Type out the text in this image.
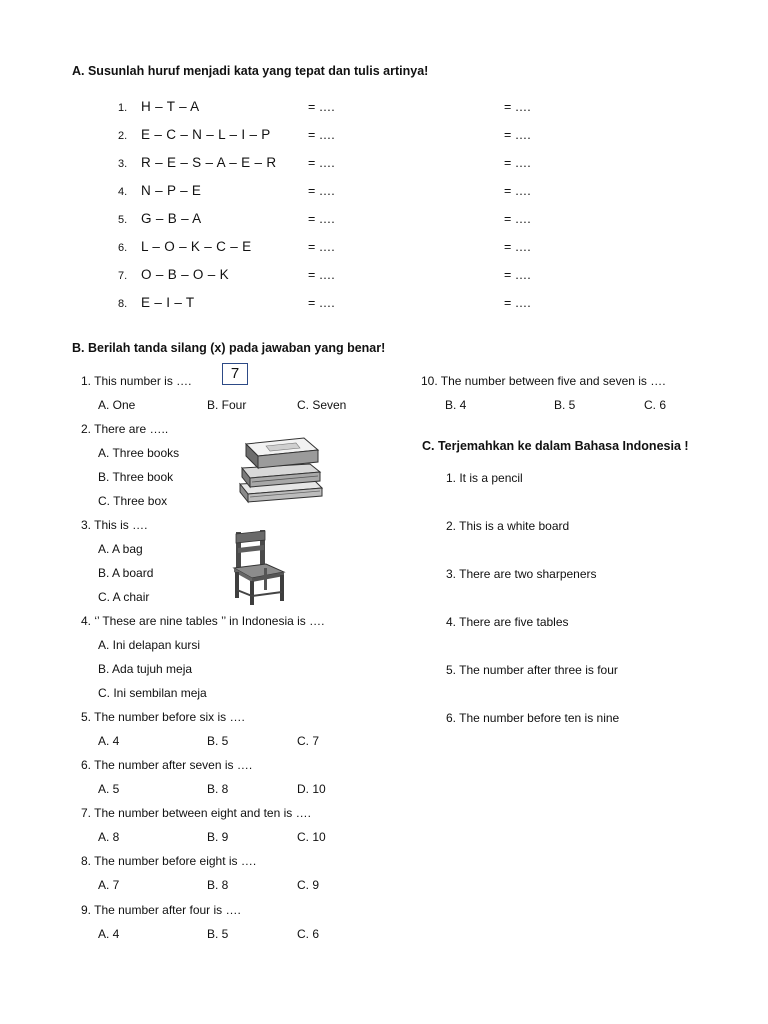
A. Susunlah huruf menjadi kata yang tepat dan tulis artinya!
1. H – T – A	= ….	= ….
2. E – C – N – L – I – P	= ….	= ….
3. R – E – S – A – E – R	= ….	= ….
4. N – P – E	= ….	= ….
5. G – B – A	= ….	= ….
6. L – O – K – C – E	= ….	= ….
7. O – B – O – K	= ….	= ….
8. E – I – T	= ….	= ….
B. Berilah tanda silang (x) pada jawaban yang benar!
7
1. This number is ….
A. One	B. Four	C. Seven
2. There are …..
A. Three books
B. Three book
C. Three box
3. This is ….
A. A bag
B. A board
C. A chair
4. ‘’ These are nine tables ’’ in Indonesia is ….
A. Ini delapan kursi
B. Ada tujuh meja
C. Ini sembilan meja
5. The number before six is ….
A. 4	B. 5	C. 7
6. The number after seven is ….
A. 5	B. 8	D. 10
7. The number between eight and ten is ….
A. 8	B. 9	C. 10
8. The number before eight is ….
A. 7	B. 8	C. 9
9. The number after four is ….
A. 4	B. 5	C. 6
10. The number between five and seven is ….
B. 4	B. 5	C. 6
C. Terjemahkan ke dalam Bahasa Indonesia !
1. It is a pencil
2. This is a white board
3. There are two sharpeners
4. There are five tables
5. The number after three is four
6. The number before ten is nine
